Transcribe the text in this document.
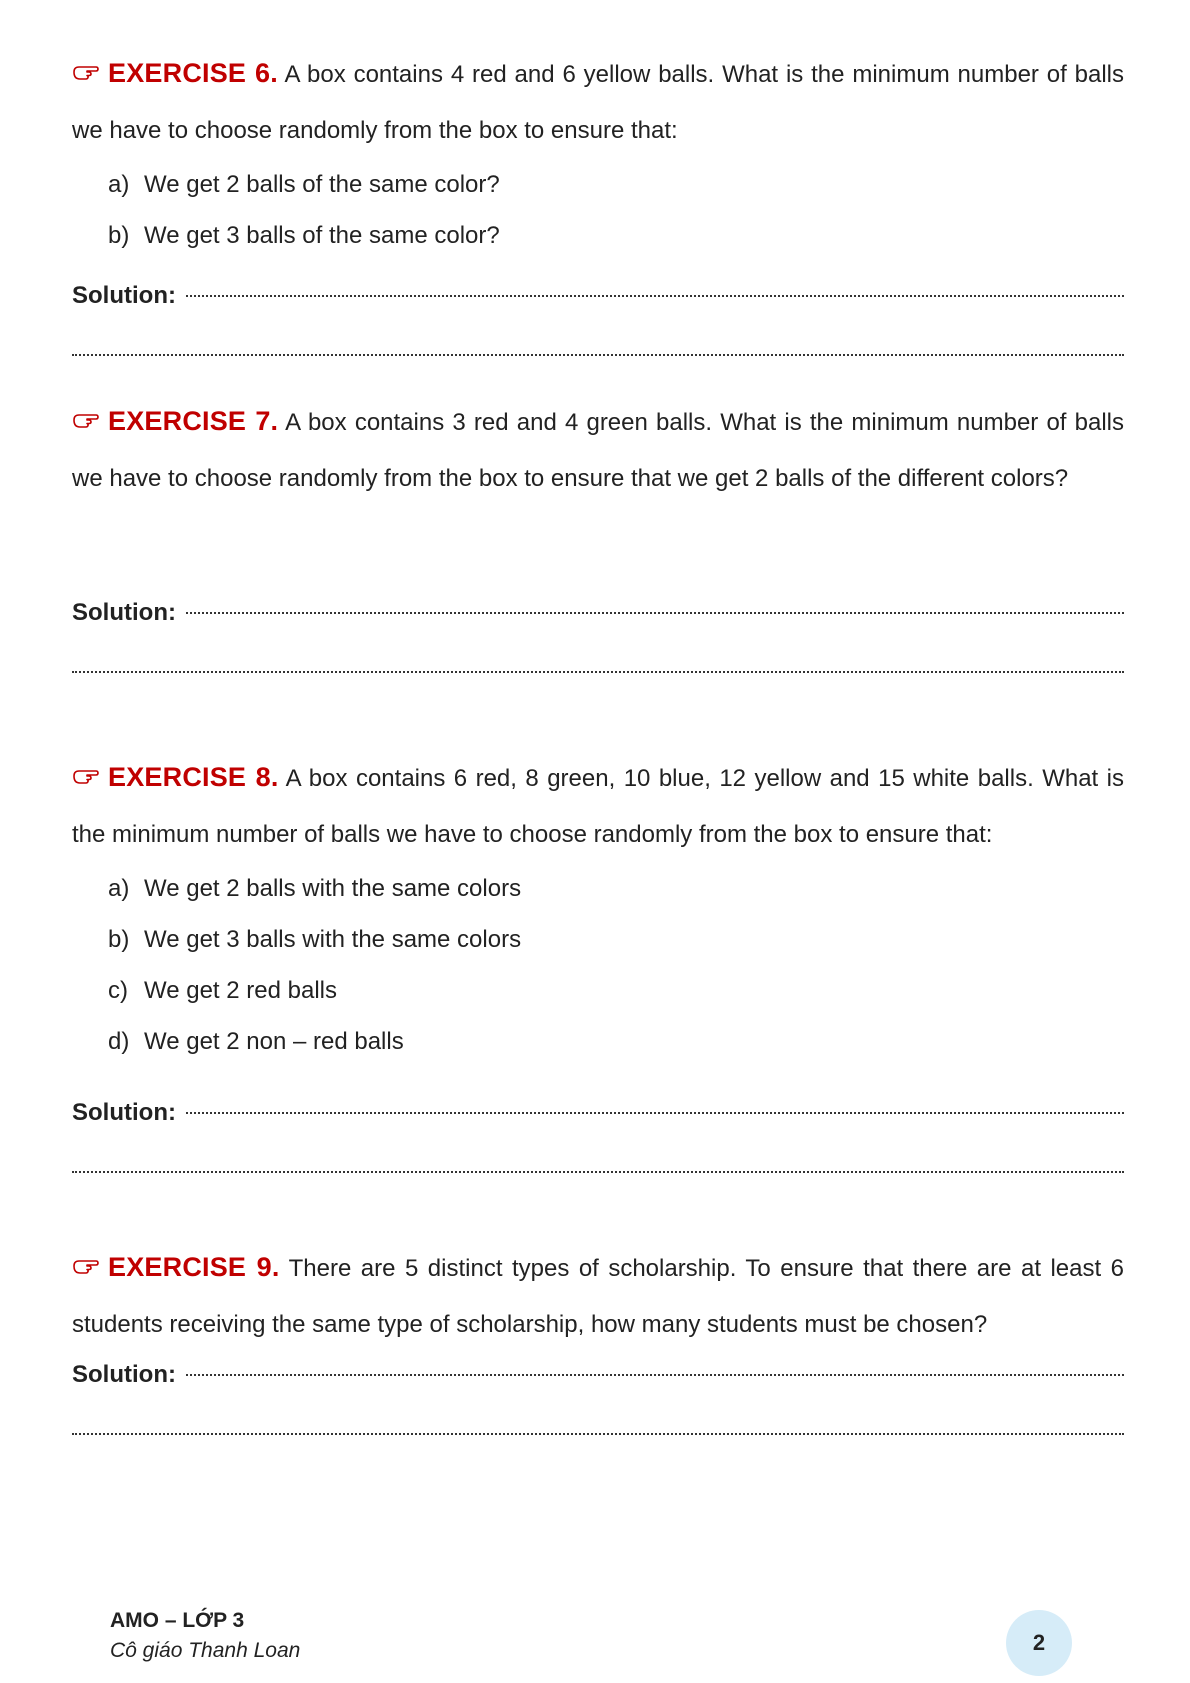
EXERCISE 6. A box contains 4 red and 6 yellow balls. What is the minimum number of balls we have to choose randomly from the box to ensure that:

a) We get 2 balls of the same color?
b) We get 3 balls of the same color?
Solution:

EXERCISE 7. A box contains 3 red and 4 green balls. What is the minimum number of balls we have to choose randomly from the box to ensure that we get 2 balls of the different colors?

Solution:

EXERCISE 8. A box contains 6 red, 8 green, 10 blue, 12 yellow and 15 white balls. What is the minimum number of balls we have to choose randomly from the box to ensure that:

a) We get 2 balls with the same colors
b) We get 3 balls with the same colors
c) We get 2 red balls
d) We get 2 non – red balls
Solution:

EXERCISE 9. There are 5 distinct types of scholarship. To ensure that there are at least 6 students receiving the same type of scholarship, how many students must be chosen?

Solution:
AMO – LỚP 3
Cô giáo Thanh Loan	2
